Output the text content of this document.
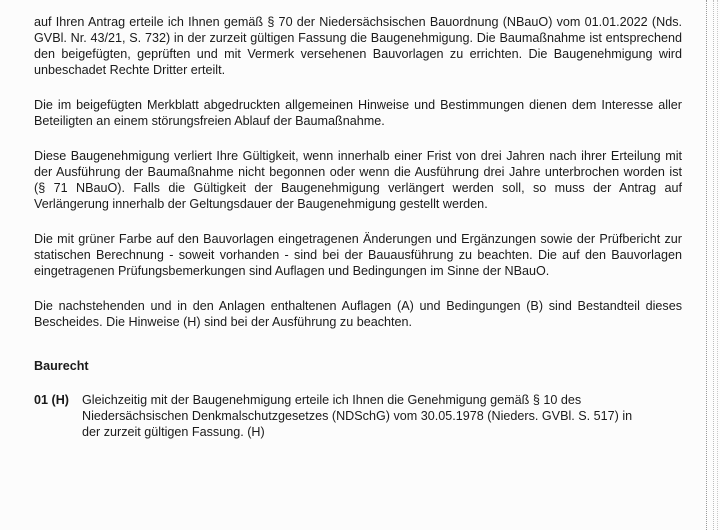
auf Ihren Antrag erteile ich Ihnen gemäß § 70 der Niedersächsischen Bauordnung (NBauO) vom 01.01.2022 (Nds. GVBl. Nr. 43/21, S. 732) in der zurzeit gültigen Fassung die Baugenehmigung. Die Baumaßnahme ist entsprechend den beigefügten, geprüften und mit Vermerk versehenen Bauvorlagen zu errichten. Die Baugenehmigung wird unbeschadet Rechte Dritter erteilt.

Die im beigefügten Merkblatt abgedruckten allgemeinen Hinweise und Bestimmungen dienen dem Interesse aller Beteiligten an einem störungsfreien Ablauf der Baumaßnahme.

Diese Baugenehmigung verliert Ihre Gültigkeit, wenn innerhalb einer Frist von drei Jahren nach ihrer Erteilung mit der Ausführung der Baumaßnahme nicht begonnen oder wenn die Ausführung drei Jahre unterbrochen worden ist (§ 71 NBauO). Falls die Gültigkeit der Baugenehmigung verlängert werden soll, so muss der Antrag auf Verlängerung innerhalb der Geltungsdauer der Baugenehmigung gestellt werden.

Die mit grüner Farbe auf den Bauvorlagen eingetragenen Änderungen und Ergänzungen sowie der Prüfbericht zur statischen Berechnung - soweit vorhanden - sind bei der Bauausführung zu beachten. Die auf den Bauvorlagen eingetragenen Prüfungsbemerkungen sind Auflagen und Bedingungen im Sinne der NBauO.

Die nachstehenden und in den Anlagen enthaltenen Auflagen (A) und Bedingungen (B) sind Bestandteil dieses Bescheides. Die Hinweise (H) sind bei der Ausführung zu beachten.

Baurecht
01 (H)	Gleichzeitig mit der Baugenehmigung erteile ich Ihnen die Genehmigung gemäß § 10 des Niedersächsischen Denkmalschutzgesetzes (NDSchG) vom 30.05.1978 (Nieders. GVBl. S. 517) in der zurzeit gültigen Fassung. (H)
